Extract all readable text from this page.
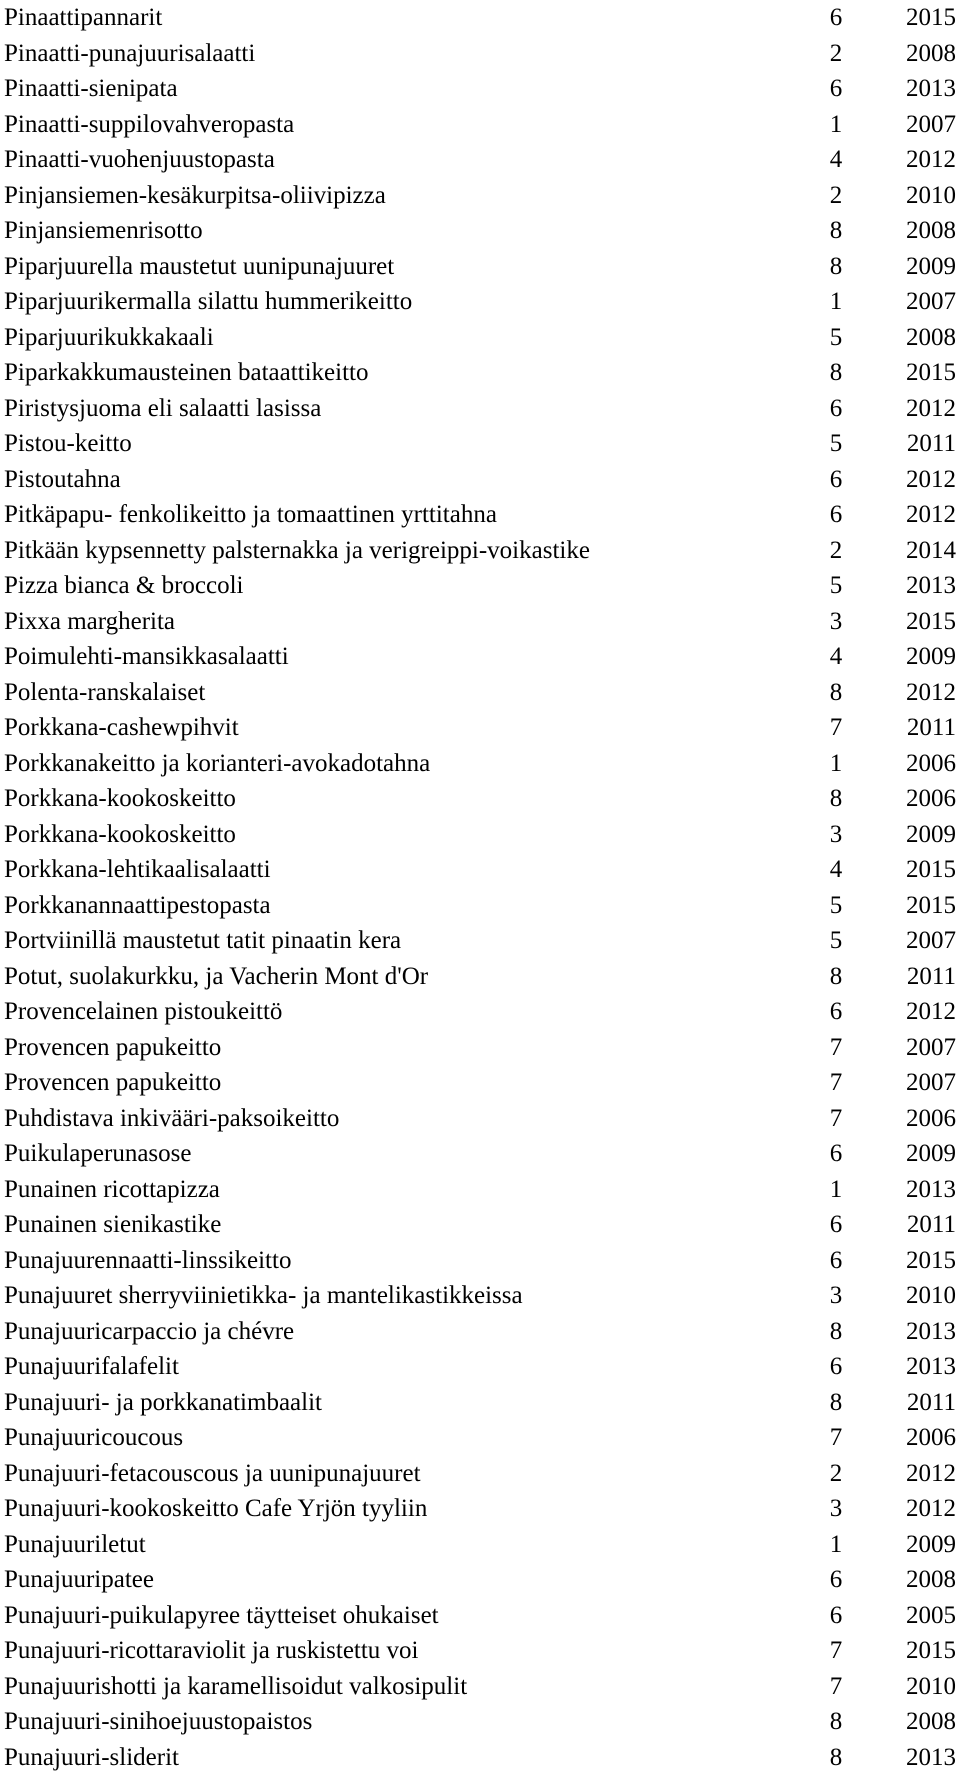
Pinaattipannarit	6	2015
Pinaatti-punajuurisalaatti	2	2008
Pinaatti-sienipata	6	2013
Pinaatti-suppilovahveropasta	1	2007
Pinaatti-vuohenjuustopasta	4	2012
Pinjansiemen-kesäkurpitsa-oliivipizza	2	2010
Pinjansiemenrisotto	8	2008
Piparjuurella maustetut uunipunajuuret	8	2009
Piparjuurikermalla silattu hummerikeitto	1	2007
Piparjuurikukkakaali	5	2008
Piparkakkumausteinen bataattikeitto	8	2015
Piristysjuoma eli salaatti lasissa	6	2012
Pistou-keitto	5	2011
Pistoutahna	6	2012
Pitkäpapu- fenkolikeitto ja tomaattinen yrttitahna	6	2012
Pitkään kypsennetty palsternakka ja verigreippi-voikastike	2	2014
Pizza bianca & broccoli	5	2013
Pixxa margherita	3	2015
Poimulehti-mansikkasalaatti	4	2009
Polenta-ranskalaiset	8	2012
Porkkana-cashewpihvit	7	2011
Porkkanakeitto ja korianteri-avokadotahna	1	2006
Porkkana-kookoskeitto	8	2006
Porkkana-kookoskeitto	3	2009
Porkkana-lehtikaalisalaatti	4	2015
Porkkanannaattipestopasta	5	2015
Portviinillä maustetut tatit pinaatin kera	5	2007
Potut, suolakurkku, ja Vacherin Mont d'Or	8	2011
Provencelainen pistoukeittö	6	2012
Provencen papukeitto	7	2007
Provencen papukeitto	7	2007
Puhdistava inkivääri-paksoikeitto	7	2006
Puikulaperunasose	6	2009
Punainen ricottapizza	1	2013
Punainen sienikastike	6	2011
Punajuurennaatti-linssikeitto	6	2015
Punajuuret sherryviinietikka- ja mantelikastikkeissa	3	2010
Punajuuricarpaccio ja chévre	8	2013
Punajuurifalafelit	6	2013
Punajuuri- ja porkkanatimbaalit	8	2011
Punajuuricoucous	7	2006
Punajuuri-fetacouscous ja uunipunajuuret	2	2012
Punajuuri-kookoskeitto Cafe Yrjön tyyliin	3	2012
Punajuuriletut	1	2009
Punajuuripatee	6	2008
Punajuuri-puikulapyree täytteiset ohukaiset	6	2005
Punajuuri-ricottaraviolit ja ruskistettu voi	7	2015
Punajuurishotti ja karamellisoidut valkosipulit	7	2010
Punajuuri-sinihoejuustopaistos	8	2008
Punajuuri-sliderit	8	2013
